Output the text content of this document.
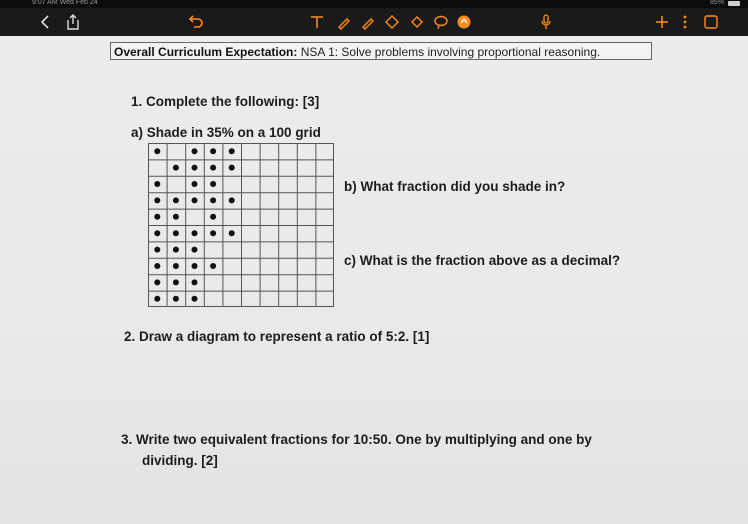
9:07 AM Wed Feb 24	85%
Overall Curriculum Expectation: NSA 1: Solve problems involving proportional reasoning.
1. Complete the following: [3]
a) Shade in 35% on a 100 grid
b) What fraction did you shade in?
c) What is the fraction above as a decimal?
2. Draw a diagram to represent a ratio of 5:2. [1]
3. Write two equivalent fractions for 10:50. One by multiplying and one by
dividing. [2]
